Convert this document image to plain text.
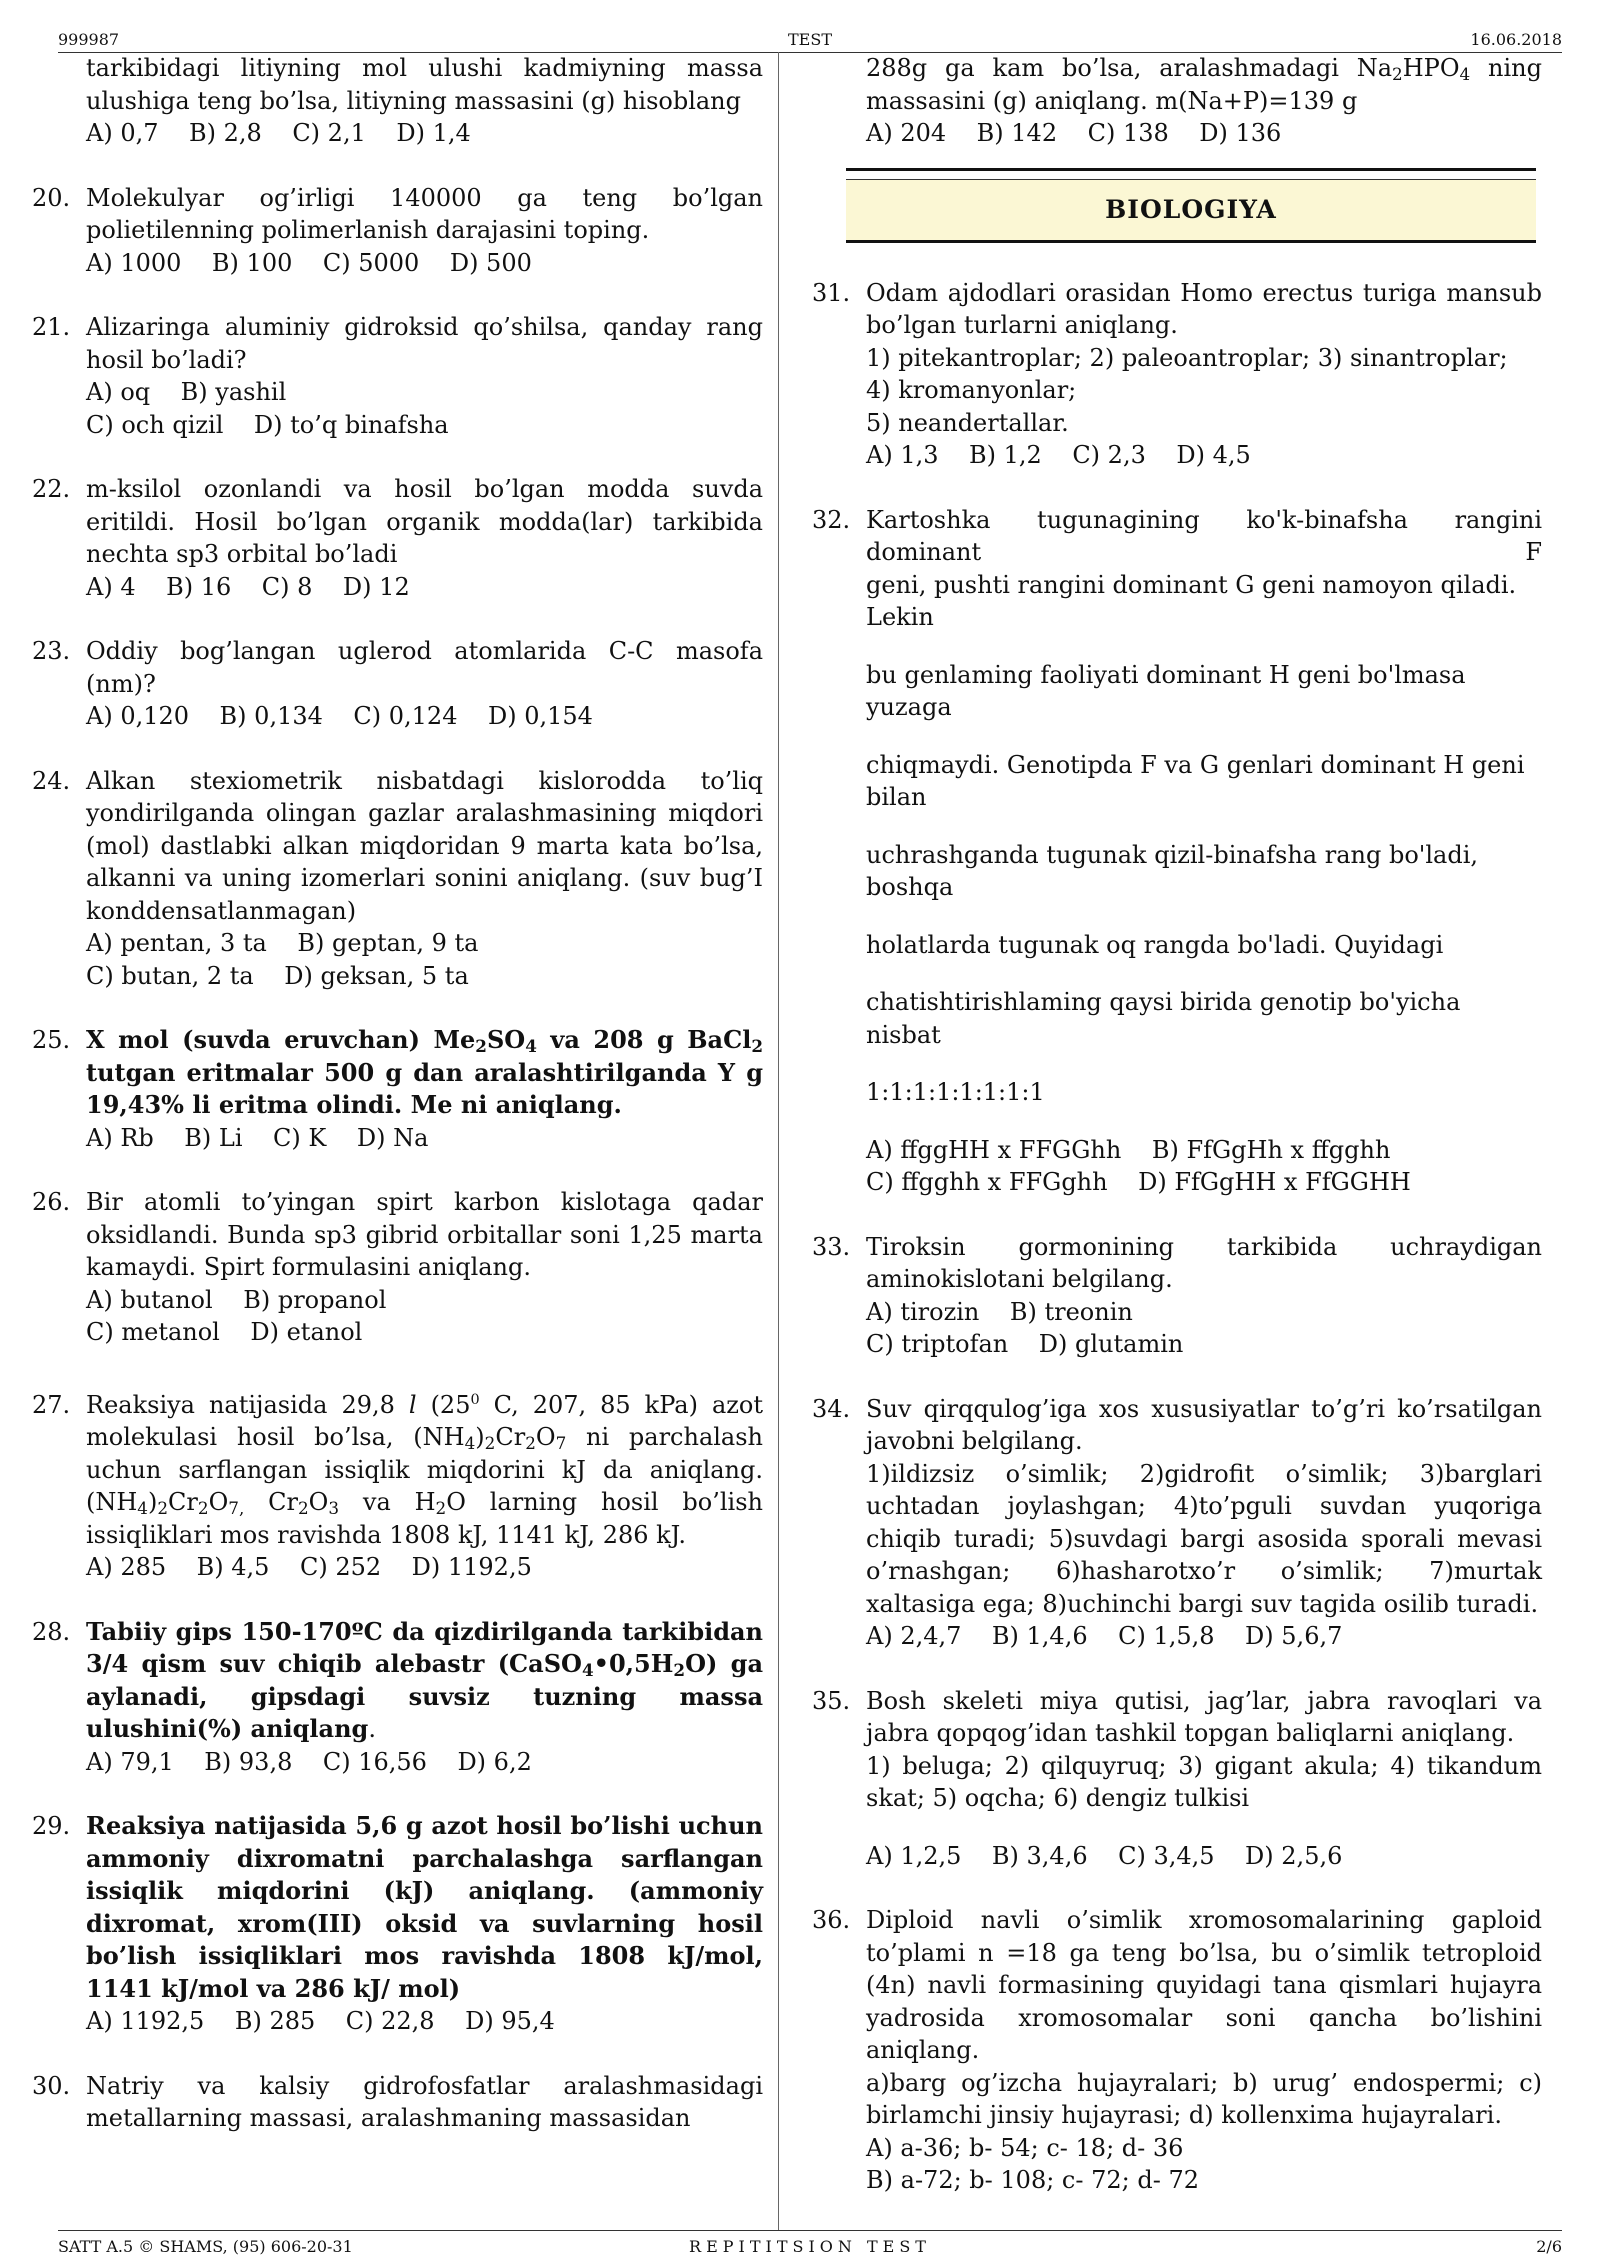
999987	TEST	16.06.2018
tarkibidagi litiyning mol ulushi kadmiyning massa ulushiga teng bo’lsa, litiyning massasini (g) hisoblang
A) 0,7    B) 2,8    C) 2,1    D) 1,4
20. Molekulyar og’irligi 140000 ga teng bo’lgan polietilenning polimerlanish darajasini toping.
A) 1000    B) 100    C) 5000    D) 500
21. Alizaringa aluminiy gidroksid qo’shilsa, qanday rang hosil bo’ladi?
A) oq    B) yashil
C) och qizil    D) to’q binafsha
22. m-ksilol ozonlandi va hosil bo’lgan modda suvda eritildi. Hosil bo’lgan organik modda(lar) tarkibida nechta sp3 orbital bo’ladi
A) 4    B) 16    C) 8    D) 12
23. Oddiy bog’langan uglerod atomlarida C-C masofa (nm)?
A) 0,120    B) 0,134    C) 0,124    D) 0,154
24. Alkan stexiometrik nisbatdagi kislorodda to’liq yondirilganda olingan gazlar aralashmasining miqdori (mol) dastlabki alkan miqdoridan 9 marta kata bo’lsa, alkanni va uning izomerlari sonini aniqlang. (suv bug’I konddensatlanmagan)
A) pentan, 3 ta    B) geptan, 9 ta
C) butan, 2 ta    D) geksan, 5 ta
25. X mol (suvda eruvchan) $Me_2SO_4$ va 208 g BaCl$_2$ tutgan eritmalar 500 g dan aralashtirilganda Y g 19,43% li eritma olindi. Me ni aniqlang.
A) Rb    B) Li    C) K    D) Na
26. Bir atomli to’yingan spirt karbon kislotaga qadar oksidlandi. Bunda sp3 gibrid orbitallar soni 1,25 marta kamaydi. Spirt formulasini aniqlang.
A) butanol    B) propanol
C) metanol    D) etanol
27. Reaksiya natijasida 29,8 l ($25^0$ C, 207, 85 kPa) azot molekulasi hosil bo’lsa, $(NH_4)_2Cr_2O_7$ ni parchalash uchun sarflangan issiqlik miqdorini kJ da aniqlang. $(NH_4)_2Cr_2O_{7,}$ $Cr_2O_3$ va $H_2O$ larning hosil bo’lish issiqliklari mos ravishda 1808 kJ, 1141 kJ, 286 kJ.
A) 285    B) 4,5    C) 252    D) 1192,5
28. Tabiiy gips 150-170ºC da qizdirilganda tarkibidan 3/4 qism suv chiqib alebastr $(CaSO_4•0,5H_2O)$ ga aylanadi, gipsdagi suvsiz tuzning massa ulushini(%) aniqlang.
A) 79,1    B) 93,8    C) 16,56    D) 6,2
29. Reaksiya natijasida 5,6 g azot hosil bo’lishi uchun ammoniy dixromatni parchalashga sarflangan issiqlik miqdorini (kJ) aniqlang. (ammoniy dixromat, xrom(III) oksid va suvlarning hosil bo’lish issiqliklari mos ravishda 1808 kJ/mol, 1141 kJ/mol va 286 kJ/ mol)
A) 1192,5    B) 285    C) 22,8    D) 95,4
30. Natriy va kalsiy gidrofosfatlar aralashmasidagi metallarning massasi, aralashmaning massasidan
288g ga kam bo’lsa, aralashmadagi $Na_2HPO_4$ ning massasini (g) aniqlang. m(Na+P)=139 g
A) 204    B) 142    C) 138    D) 136
BIOLOGIYA
31. Odam ajdodlari orasidan Homo erectus turiga mansub bo’lgan turlarni aniqlang.
1) pitekantroplar; 2) paleoantroplar; 3) sinantroplar;
4) kromanyonlar;
5) neandertallar.
A) 1,3    B) 1,2    C) 2,3    D) 4,5
32. Kartoshka tugunagining ko'k-binafsha rangini dominant F
geni, pushti rangini dominant G geni namoyon qiladi. Lekin
bu genlaming faoliyati dominant H geni bo'lmasa yuzaga
chiqmaydi. Genotipda F va G genlari dominant H geni bilan
uchrashganda tugunak qizil-binafsha rang bo'ladi, boshqa
holatlarda tugunak oq rangda bo'ladi. Quyidagi
chatishtirishlaming qaysi birida genotip bo'yicha nisbat
1:1:1:1:1:1:1:1
A) ffggHH x FFGGhh    B) FfGgHh x ffgghh
C) ffgghh x FFGghh    D) FfGgHH x FfGGHH
33. Tiroksin gormonining tarkibida uchraydigan aminokislotani belgilang.
A) tirozin    B) treonin
C) triptofan    D) glutamin
34. Suv qirqqulog’iga xos xususiyatlar to’g’ri ko’rsatilgan javobni belgilang.
1)ildizsiz o’simlik; 2)gidrofit o’simlik; 3)barglari uchtadan joylashgan; 4)to’pguli suvdan yuqoriga chiqib turadi; 5)suvdagi bargi asosida sporali mevasi o’rnashgan; 6)hasharotxo’r o’simlik; 7)murtak xaltasiga ega; 8)uchinchi bargi suv tagida osilib turadi.
A) 2,4,7    B) 1,4,6    C) 1,5,8    D) 5,6,7
35. Bosh skeleti miya qutisi, jag’lar, jabra ravoqlari va jabra qopqog’idan tashkil topgan baliqlarni aniqlang.
1) beluga; 2) qilquyruq; 3) gigant akula; 4) tikandum skat; 5) oqcha; 6) dengiz tulkisi
A) 1,2,5    B) 3,4,6    C) 3,4,5    D) 2,5,6
36. Diploid navli o’simlik xromosomalarining gaploid to’plami n =18 ga teng bo’lsa, bu o’simlik tetroploid (4n) navli formasining quyidagi tana qismlari hujayra yadrosida xromosomalar soni qancha bo’lishini aniqlang.
a)barg og’izcha hujayralari; b) urug’ endospermi; c) birlamchi jinsiy hujayrasi; d) kollenxima hujayralari.
A) a-36; b- 54; c- 18; d- 36
B) a-72; b- 108; c- 72; d- 72
SATT A.5 © SHAMS, (95) 606-20-31	REPITITSION TEST	2/6
